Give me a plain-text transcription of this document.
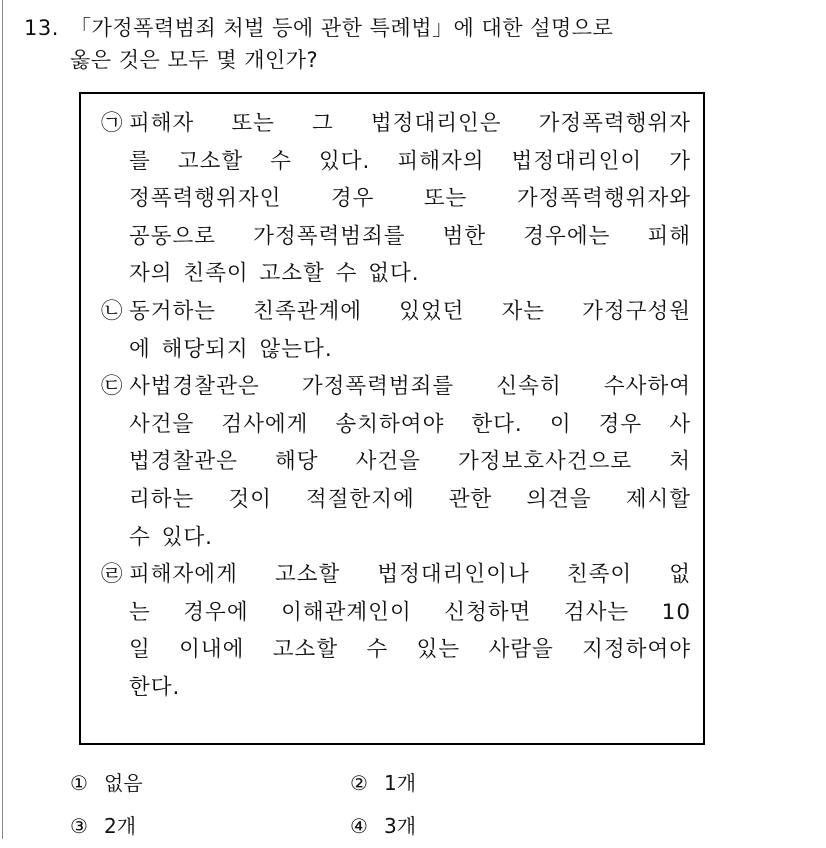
13. 「가정폭력범죄 처벌 등에 관한 특례법」에 대한 설명으로
옳은 것은 모두 몇 개인가?
㉠ 피해자 또는 그 법정대리인은 가정폭력행위자
를 고소할 수 있다. 피해자의 법정대리인이 가
정폭력행위자인 경우 또는 가정폭력행위자와
공동으로 가정폭력범죄를 범한 경우에는 피해
자의 친족이 고소할 수 없다.
㉡ 동거하는 친족관계에 있었던 자는 가정구성원
에 해당되지 않는다.
㉢ 사법경찰관은 가정폭력범죄를 신속히 수사하여
사건을 검사에게 송치하여야 한다. 이 경우 사
법경찰관은 해당 사건을 가정보호사건으로 처
리하는 것이 적절한지에 관한 의견을 제시할
수 있다.
㉣ 피해자에게 고소할 법정대리인이나 친족이 없
는 경우에 이해관계인이 신청하면 검사는 10
일 이내에 고소할 수 있는 사람을 지정하여야
한다.
① 없음	② 1개
③ 2개	④ 3개
